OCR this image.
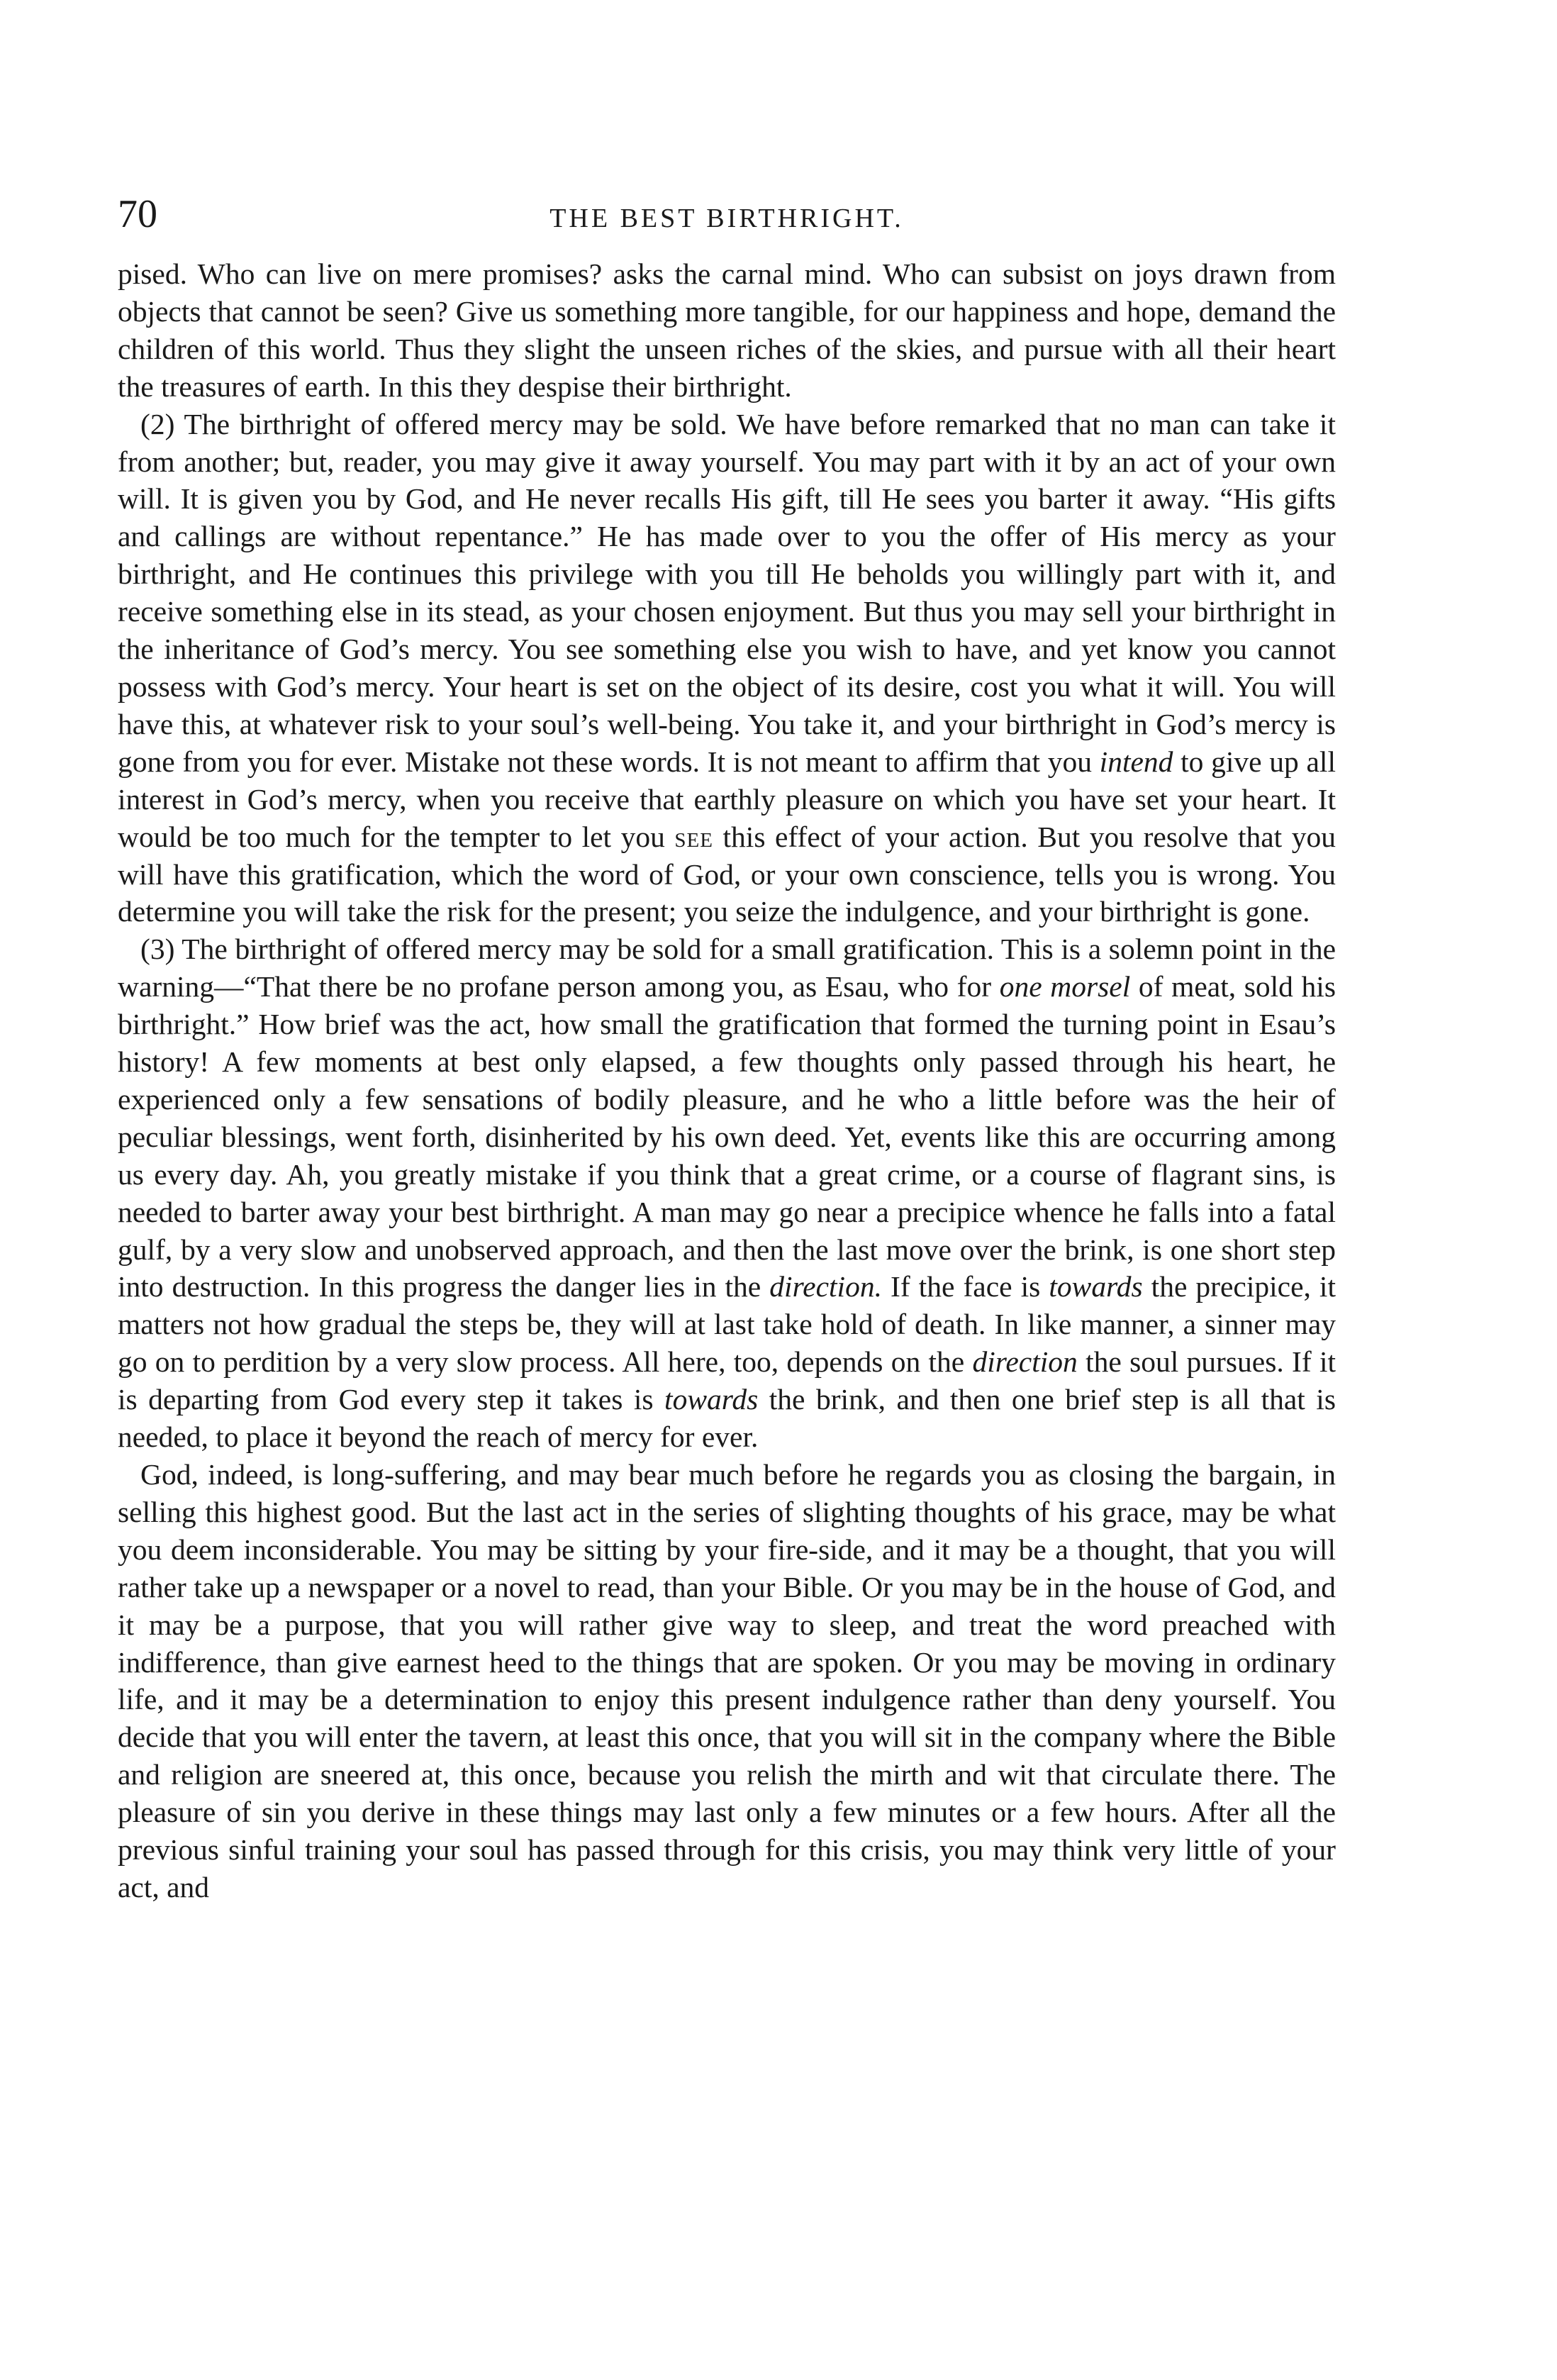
70	THE BEST BIRTHRIGHT.

pised. Who can live on mere promises? asks the carnal mind. Who can subsist on joys drawn from objects that cannot be seen? Give us something more tangible, for our happiness and hope, demand the children of this world. Thus they slight the unseen riches of the skies, and pursue with all their heart the treasures of earth. In this they despise their birthright.

(2) The birthright of offered mercy may be sold. We have before remarked that no man can take it from another; but, reader, you may give it away yourself. You may part with it by an act of your own will. It is given you by God, and He never recalls His gift, till He sees you barter it away. “His gifts and callings are without repentance.” He has made over to you the offer of His mercy as your birthright, and He continues this privilege with you till He beholds you willingly part with it, and receive something else in its stead, as your chosen enjoyment. But thus you may sell your birthright in the inheritance of God’s mercy. You see something else you wish to have, and yet know you cannot possess with God’s mercy. Your heart is set on the object of its desire, cost you what it will. You will have this, at whatever risk to your soul’s well-being. You take it, and your birthright in God’s mercy is gone from you for ever. Mistake not these words. It is not meant to affirm that you intend to give up all interest in God’s mercy, when you receive that earthly pleasure on which you have set your heart. It would be too much for the tempter to let you see this effect of your action. But you resolve that you will have this gratification, which the word of God, or your own conscience, tells you is wrong. You determine you will take the risk for the present; you seize the indulgence, and your birthright is gone.

(3) The birthright of offered mercy may be sold for a small gratification. This is a solemn point in the warning—“That there be no profane person among you, as Esau, who for one morsel of meat, sold his birthright.” How brief was the act, how small the gratification that formed the turning point in Esau’s history! A few moments at best only elapsed, a few thoughts only passed through his heart, he experienced only a few sensations of bodily pleasure, and he who a little before was the heir of peculiar blessings, went forth, disinherited by his own deed. Yet, events like this are occurring among us every day. Ah, you greatly mistake if you think that a great crime, or a course of flagrant sins, is needed to barter away your best birthright. A man may go near a precipice whence he falls into a fatal gulf, by a very slow and unobserved approach, and then the last move over the brink, is one short step into destruction. In this progress the danger lies in the direction. If the face is towards the precipice, it matters not how gradual the steps be, they will at last take hold of death. In like manner, a sinner may go on to perdition by a very slow process. All here, too, depends on the direction the soul pursues. If it is departing from God every step it takes is towards the brink, and then one brief step is all that is needed, to place it beyond the reach of mercy for ever.

God, indeed, is long-suffering, and may bear much before he regards you as closing the bargain, in selling this highest good. But the last act in the series of slighting thoughts of his grace, may be what you deem inconsiderable. You may be sitting by your fire-side, and it may be a thought, that you will rather take up a newspaper or a novel to read, than your Bible. Or you may be in the house of God, and it may be a purpose, that you will rather give way to sleep, and treat the word preached with indifference, than give earnest heed to the things that are spoken. Or you may be moving in ordinary life, and it may be a determination to enjoy this present indulgence rather than deny yourself. You decide that you will enter the tavern, at least this once, that you will sit in the company where the Bible and religion are sneered at, this once, because you relish the mirth and wit that circulate there. The pleasure of sin you derive in these things may last only a few minutes or a few hours. After all the previous sinful training your soul has passed through for this crisis, you may think very little of your act, and
